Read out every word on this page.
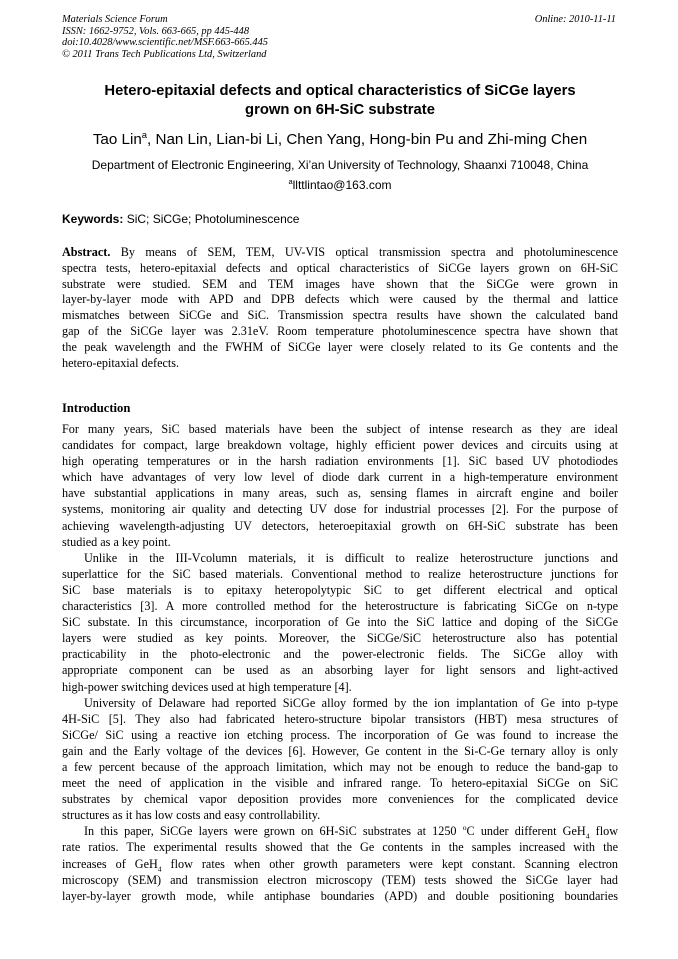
Materials Science Forum	Online: 2010-11-11
ISSN: 1662-9752, Vols. 663-665, pp 445-448
doi:10.4028/www.scientific.net/MSF.663-665.445
© 2011 Trans Tech Publications Ltd, Switzerland
Hetero-epitaxial defects and optical characteristics of SiCGe layers
grown on 6H-SiC substrate
Tao Lin$^a$, Nan Lin, Lian-bi Li, Chen Yang, Hong-bin Pu and Zhi-ming Chen
Department of Electronic Engineering, Xi’an University of Technology, Shaanxi 710048, China
$^a$llttlintao@163.com
Keywords: SiC; SiCGe; Photoluminescence
Abstract. By means of SEM, TEM, UV-VIS optical transmission spectra and photoluminescence
spectra tests, hetero-epitaxial defects and optical characteristics of SiCGe layers grown on 6H-SiC
substrate were studied. SEM and TEM images have shown that the SiCGe were grown in
layer-by-layer mode with APD and DPB defects which were caused by the thermal and lattice
mismatches between SiCGe and SiC. Transmission spectra results have shown the calculated band
gap of the SiCGe layer was 2.31eV. Room temperature photoluminescence spectra have shown that
the peak wavelength and the FWHM of SiCGe layer were closely related to its Ge contents and the
hetero-epitaxial defects.
Introduction
For many years, SiC based materials have been the subject of intense research as they are ideal
candidates for compact, large breakdown voltage, highly efficient power devices and circuits using at
high operating temperatures or in the harsh radiation environments [1]. SiC based UV photodiodes
which have advantages of very low level of diode dark current in a high-temperature environment
have substantial applications in many areas, such as, sensing flames in aircraft engine and boiler
systems, monitoring air quality and detecting UV dose for industrial processes [2]. For the purpose of
achieving wavelength-adjusting UV detectors, heteroepitaxial growth on 6H-SiC substrate has been
studied as a key point.
Unlike in the III-Vcolumn materials, it is difficult to realize heterostructure junctions and
superlattice for the SiC based materials. Conventional method to realize heterostructure junctions for
SiC base materials is to epitaxy heteropolytypic SiC to get different electrical and optical
characteristics [3]. A more controlled method for the heterostructure is fabricating SiCGe on n-type
SiC substate. In this circumstance, incorporation of Ge into the SiC lattice and doping of the SiCGe
layers were studied as key points. Moreover, the SiCGe/SiC heterostructure also has potential
practicability in the photo-electronic and the power-electronic fields. The SiCGe alloy with
appropriate component can be used as an absorbing layer for light sensors and light-actived
high-power switching devices used at high temperature [4].
University of Delaware had reported SiCGe alloy formed by the ion implantation of Ge into p-type
4H-SiC [5]. They also had fabricated hetero-structure bipolar transistors (HBT) mesa structures of
SiCGe/ SiC using a reactive ion etching process. The incorporation of Ge was found to increase the
gain and the Early voltage of the devices [6]. However, Ge content in the Si-C-Ge ternary alloy is only
a few percent because of the approach limitation, which may not be enough to reduce the band-gap to
meet the need of application in the visible and infrared range. To hetero-epitaxial SiCGe on SiC
substrates by chemical vapor deposition provides more conveniences for the complicated device
structures as it has low costs and easy controllability.
In this paper, SiCGe layers were grown on 6H-SiC substrates at 1250 $^o$C under different GeH$_4$ flow
rate ratios. The experimental results showed that the Ge contents in the samples increased with the
increases of GeH$_4$ flow rates when other growth parameters were kept constant. Scanning electron
microscopy (SEM) and transmission electron microscopy (TEM) tests showed the SiCGe layer had
layer-by-layer growth mode, while antiphase boundaries (APD) and double positioning boundaries
